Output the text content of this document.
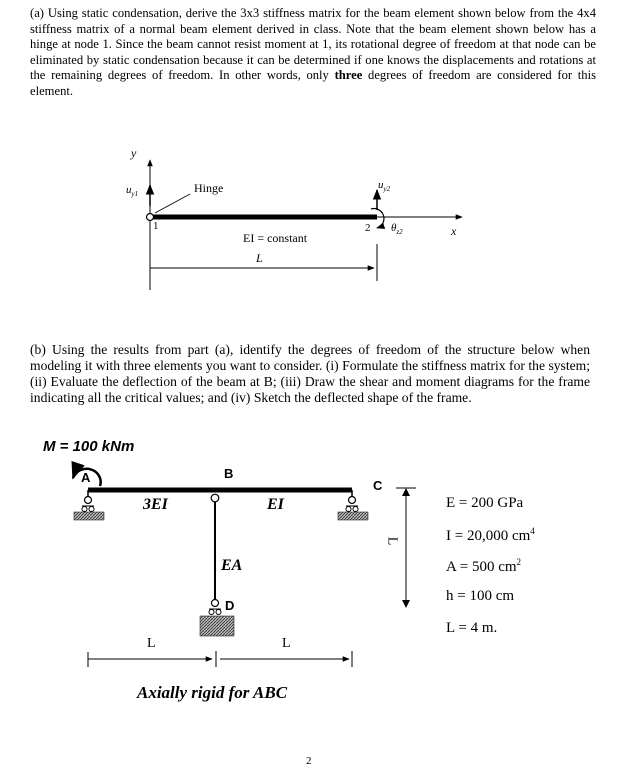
(a) Using static condensation, derive the 3x3 stiffness matrix for the beam element shown below from the 4x4 stiffness matrix of a normal beam element derived in class. Note that the beam element shown below has a hinge at node 1. Since the beam cannot resist moment at 1, its rotational degree of freedom at that node can be eliminated by static condensation because it can be determined if one knows the displacements and rotations at the remaining degrees of freedom. In other words, only three degrees of freedom are considered for this element.
y
x
$u_{y1}$
$u_{y2}$
$\theta_{z2}$
Hinge
1	2
EI = constant
L
(b) Using the results from part (a), identify the degrees of freedom of the structure below when modeling it with three elements you want to consider. (i) Formulate the stiffness matrix for the system; (ii) Evaluate the deflection of the beam at B; (iii) Draw the shear and moment diagrams for the frame indicating all the critical values; and (iv) Sketch the deflected shape of the frame.
M = 100 kNm
A	B
C
D
3EI	EI
EA
L	L
L
Axially rigid for ABC
E = 200 GPa
I = 20,000 $cm^4$
A = 500 $cm^2$
h = 100 cm
L = 4 m.
2
